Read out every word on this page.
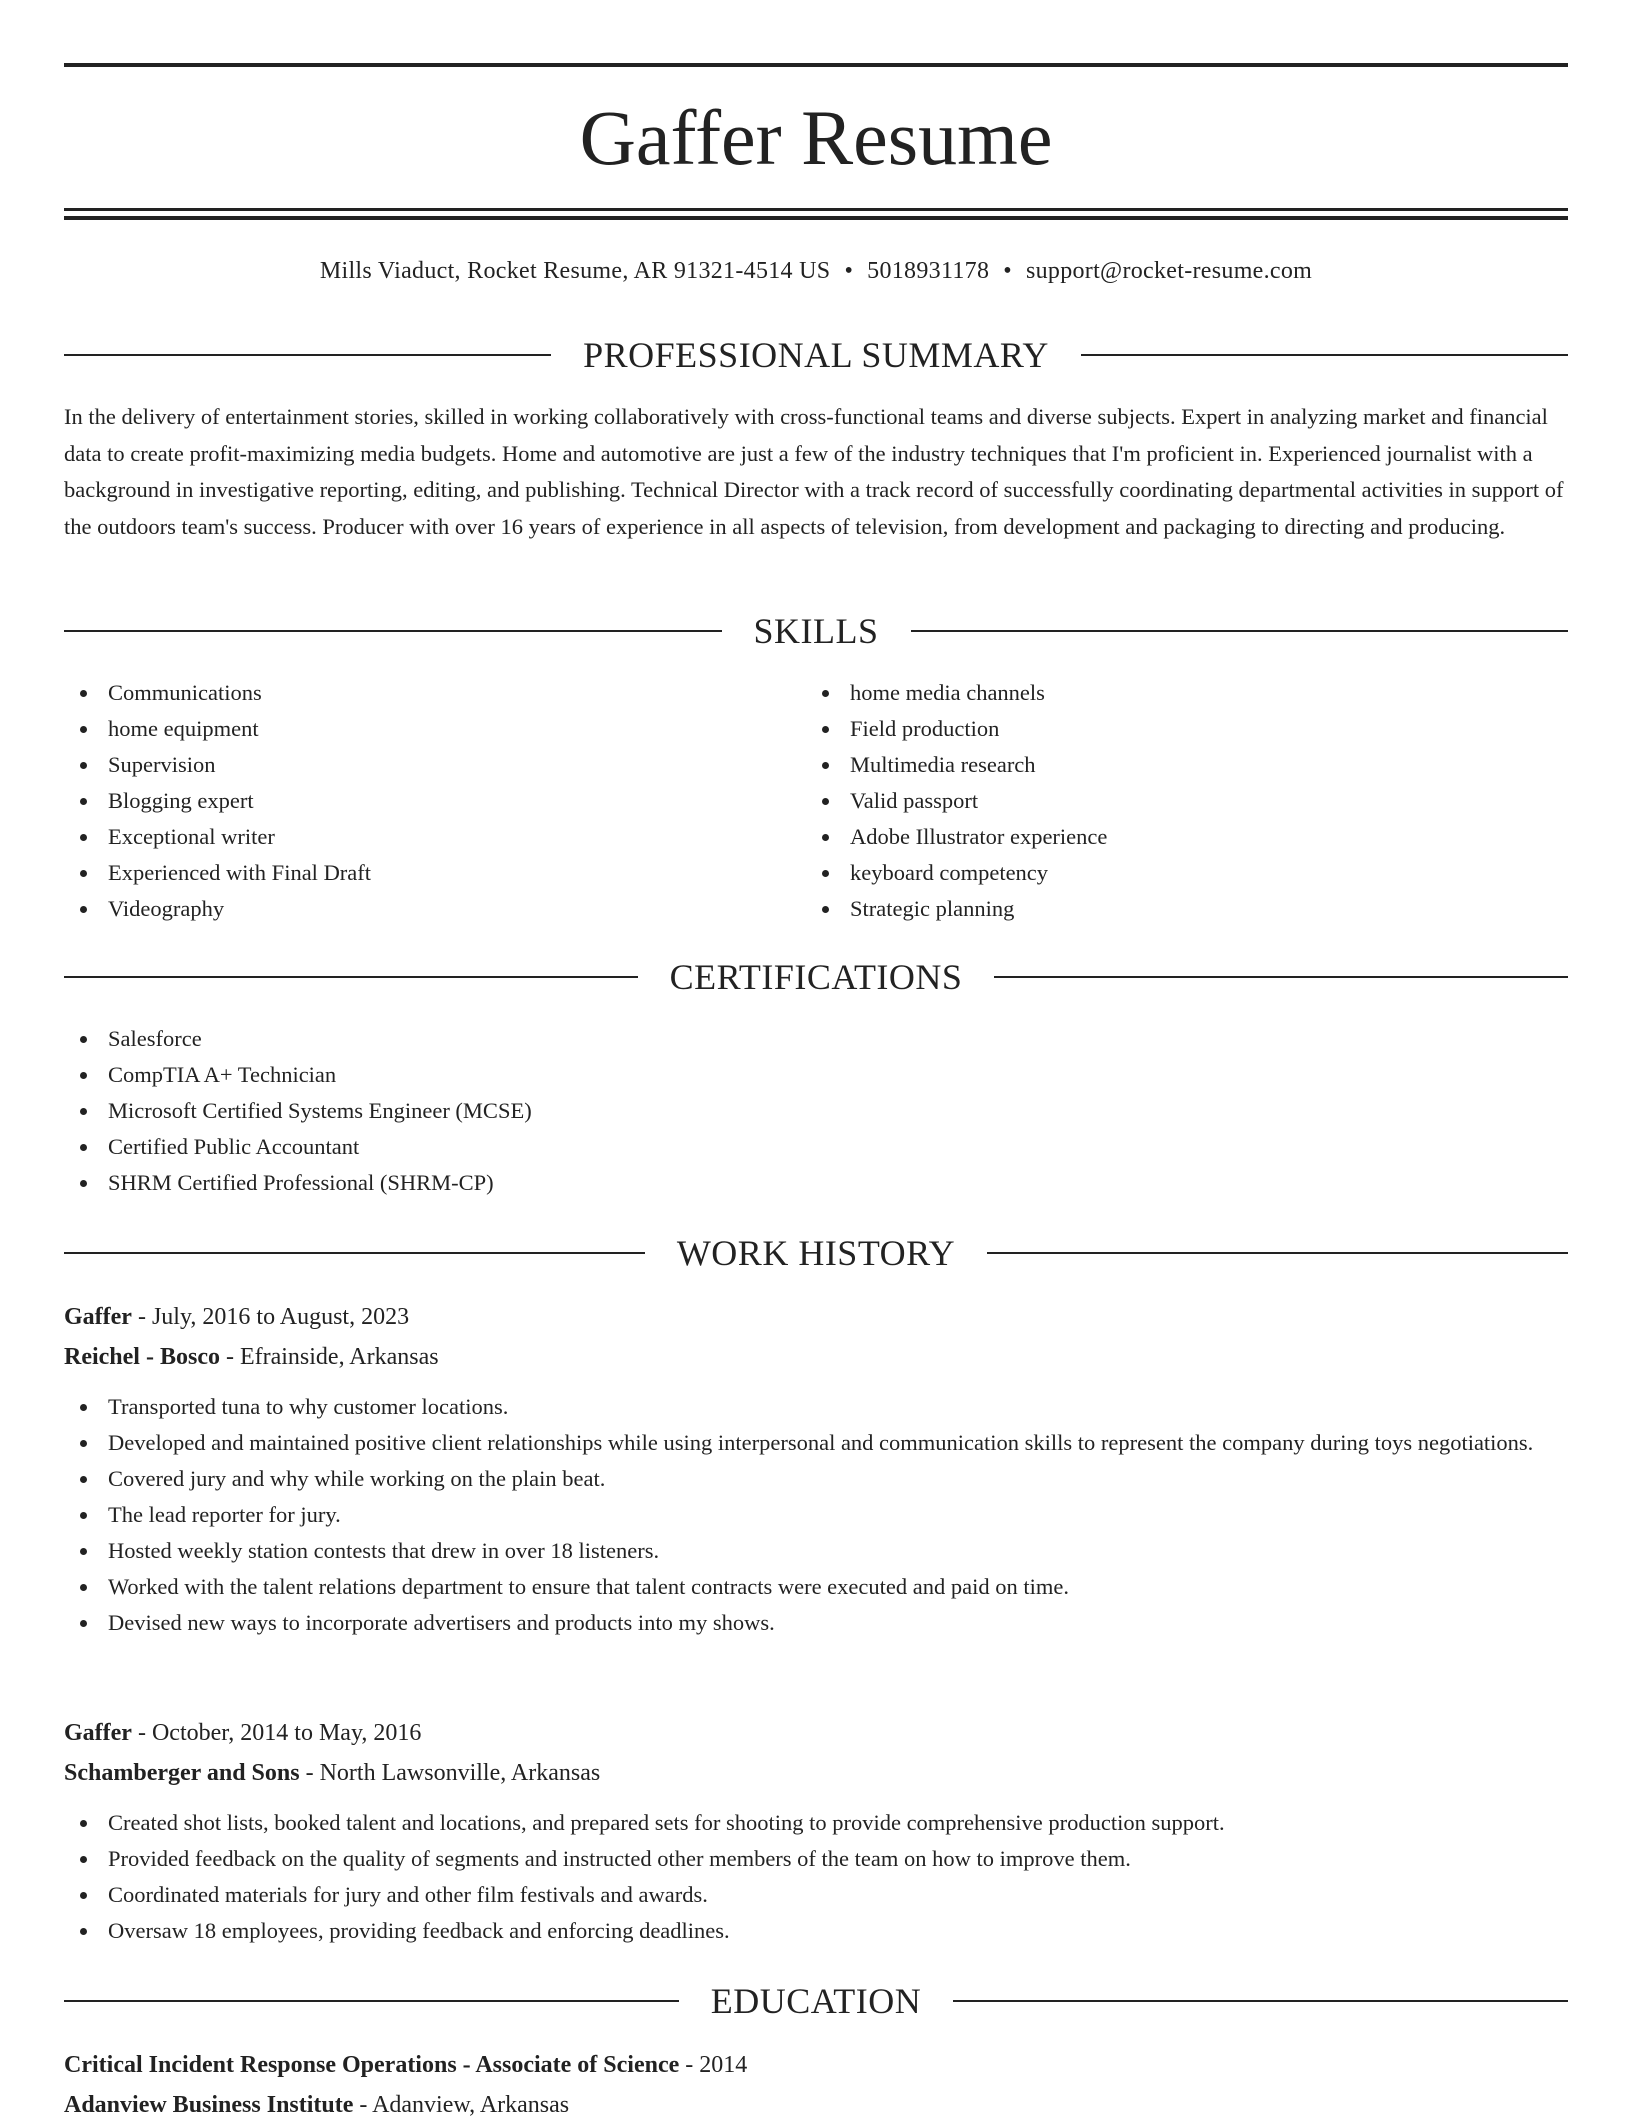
Gaffer Resume
Mills Viaduct, Rocket Resume, AR 91321-4514 US • 5018931178 • support@rocket-resume.com
PROFESSIONAL SUMMARY

In the delivery of entertainment stories, skilled in working collaboratively with cross-functional teams and diverse subjects. Expert in analyzing market and financial data to create profit-maximizing media budgets. Home and automotive are just a few of the industry techniques that I'm proficient in. Experienced journalist with a background in investigative reporting, editing, and publishing. Technical Director with a track record of successfully coordinating departmental activities in support of the outdoors team's success. Producer with over 16 years of experience in all aspects of television, from development and packaging to directing and producing.

SKILLS
Communications
home equipment
Supervision
Blogging expert
Exceptional writer
Experienced with Final Draft
Videography
home media channels
Field production
Multimedia research
Valid passport
Adobe Illustrator experience
keyboard competency
Strategic planning
CERTIFICATIONS
Salesforce
CompTIA A+ Technician
Microsoft Certified Systems Engineer (MCSE)
Certified Public Accountant
SHRM Certified Professional (SHRM-CP)
WORK HISTORY
Gaffer - July, 2016 to August, 2023
Reichel - Bosco - Efrainside, Arkansas
Transported tuna to why customer locations.
Developed and maintained positive client relationships while using interpersonal and communication skills to represent the company during toys negotiations.
Covered jury and why while working on the plain beat.
The lead reporter for jury.
Hosted weekly station contests that drew in over 18 listeners.
Worked with the talent relations department to ensure that talent contracts were executed and paid on time.
Devised new ways to incorporate advertisers and products into my shows.
Gaffer - October, 2014 to May, 2016
Schamberger and Sons - North Lawsonville, Arkansas
Created shot lists, booked talent and locations, and prepared sets for shooting to provide comprehensive production support.
Provided feedback on the quality of segments and instructed other members of the team on how to improve them.
Coordinated materials for jury and other film festivals and awards.
Oversaw 18 employees, providing feedback and enforcing deadlines.
EDUCATION
Critical Incident Response Operations - Associate of Science - 2014
Adanview Business Institute - Adanview, Arkansas
